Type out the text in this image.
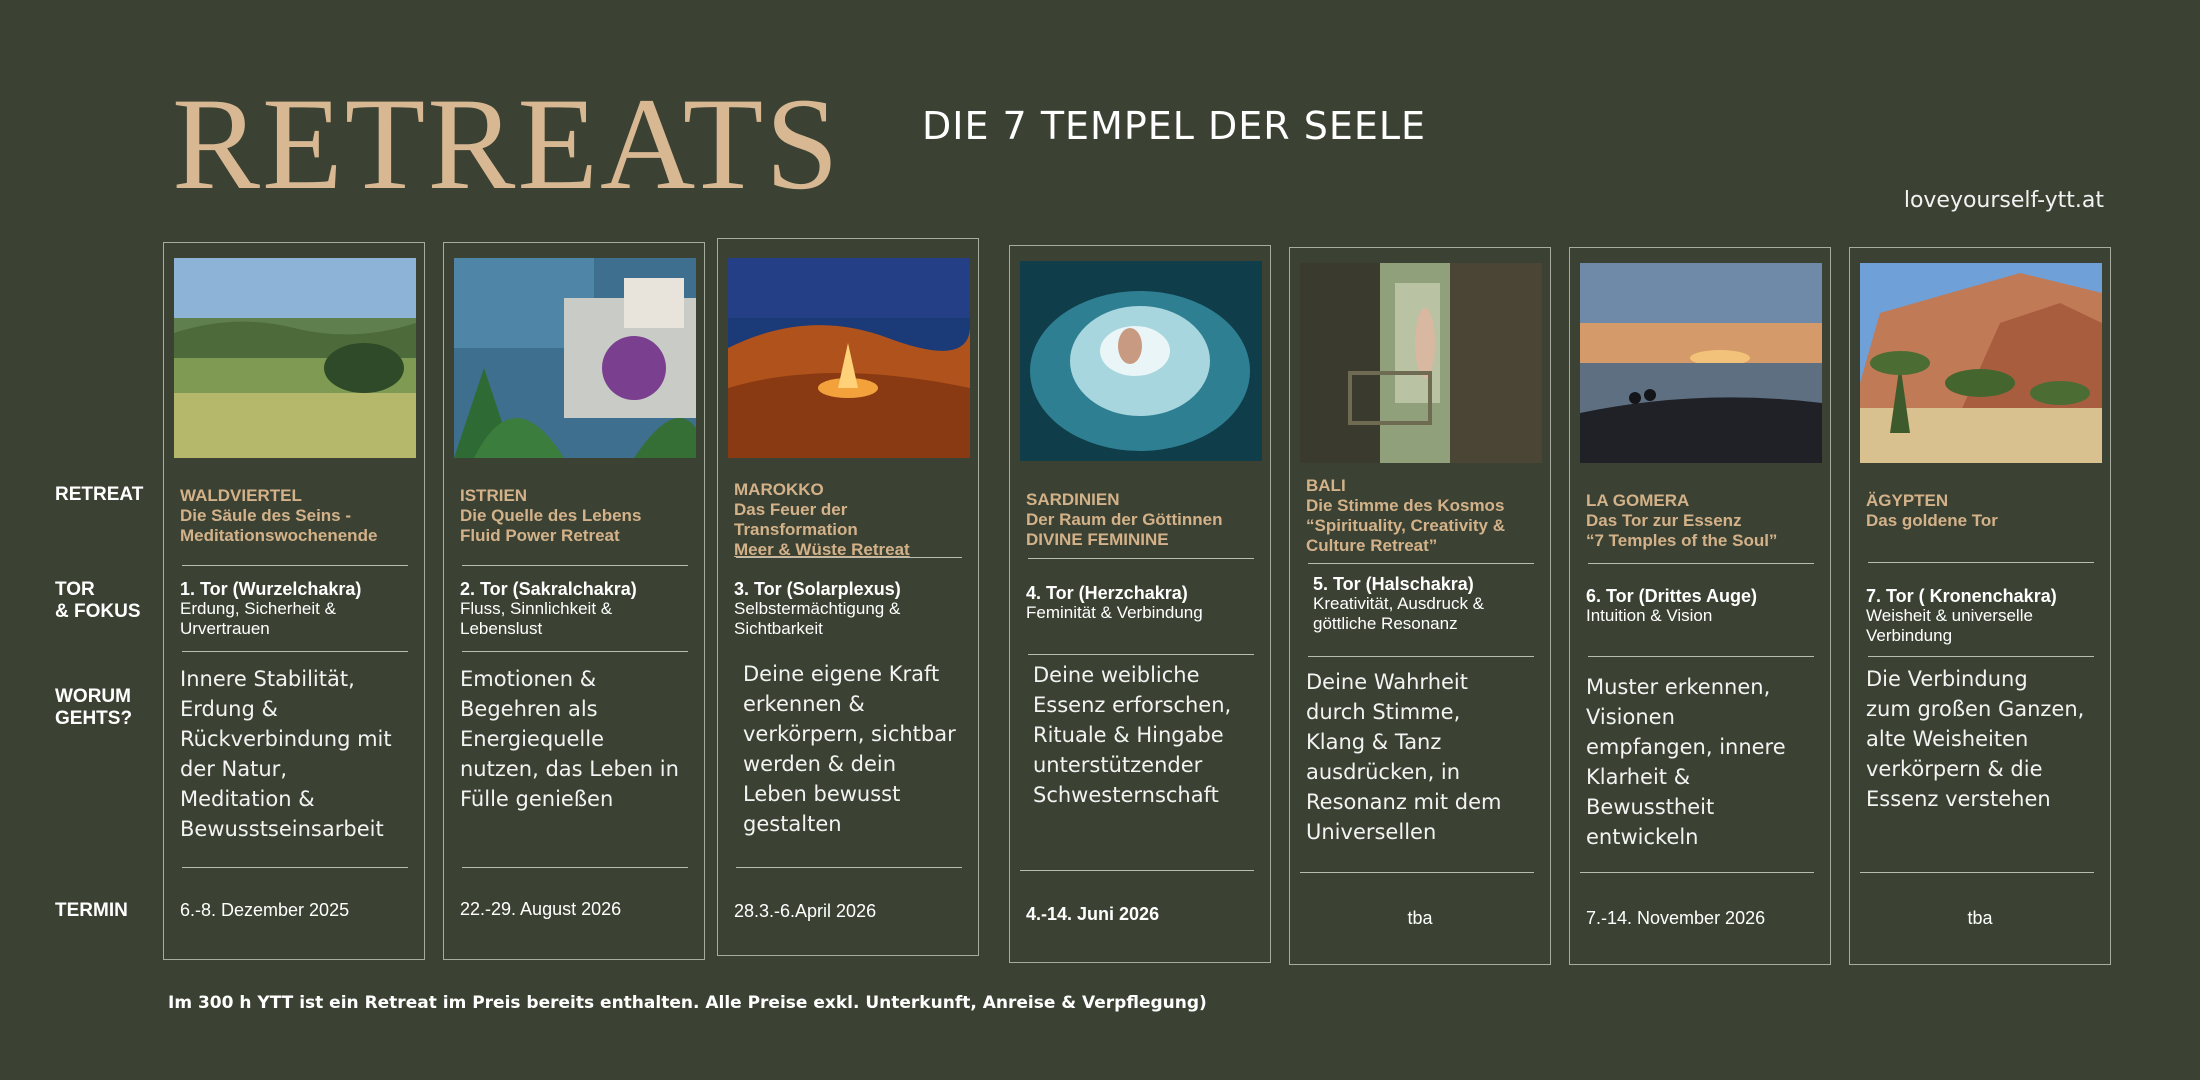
RETREATS DIE 7 TEMPEL DER SEELE
loveyourself-ytt.at
RETREAT
TOR
& FOKUS
WORUM
GEHTS?
TERMIN
WALDVIERTEL
Die Säule des Seins -
Meditationswochenende
1. Tor (Wurzelchakra)
Erdung, Sicherheit &
Urvertrauen
Innere Stabilität,
Erdung &
Rückverbindung mit
der Natur,
Meditation &
Bewusstseinsarbeit
6.-8. Dezember 2025
ISTRIEN
Die Quelle des Lebens
Fluid Power Retreat
2. Tor (Sakralchakra)
Fluss, Sinnlichkeit &
Lebenslust
Emotionen &
Begehren als
Energiequelle
nutzen, das Leben in
Fülle genießen
22.-29. August 2026
MAROKKO
Das Feuer der
Transformation
Meer & Wüste Retreat
3. Tor (Solarplexus)
Selbstermächtigung &
Sichtbarkeit
Deine eigene Kraft
erkennen &
verkörpern, sichtbar
werden & dein
Leben bewusst
gestalten
28.3.-6.April 2026
SARDINIEN
Der Raum der Göttinnen
DIVINE FEMININE
4. Tor (Herzchakra)
Feminität & Verbindung
Deine weibliche
Essenz erforschen,
Rituale & Hingabe
unterstützender
Schwesternschaft
4.-14. Juni 2026
BALI
Die Stimme des Kosmos
“Spirituality, Creativity &
Culture Retreat”
5. Tor (Halschakra)
Kreativität, Ausdruck &
göttliche Resonanz
Deine Wahrheit
durch Stimme,
Klang & Tanz
ausdrücken, in
Resonanz mit dem
Universellen
tba
LA GOMERA
Das Tor zur Essenz
“7 Temples of the Soul”
6. Tor (Drittes Auge)
Intuition & Vision
Muster erkennen,
Visionen
empfangen, innere
Klarheit &
Bewusstheit
entwickeln
7.-14. November 2026
ÄGYPTEN
Das goldene Tor
7. Tor ( Kronenchakra)
Weisheit & universelle
Verbindung
Die Verbindung
zum großen Ganzen,
alte Weisheiten
verkörpern & die
Essenz verstehen
tba
Im 300 h YTT ist ein Retreat im Preis bereits enthalten. Alle Preise exkl. Unterkunft, Anreise & Verpflegung)
